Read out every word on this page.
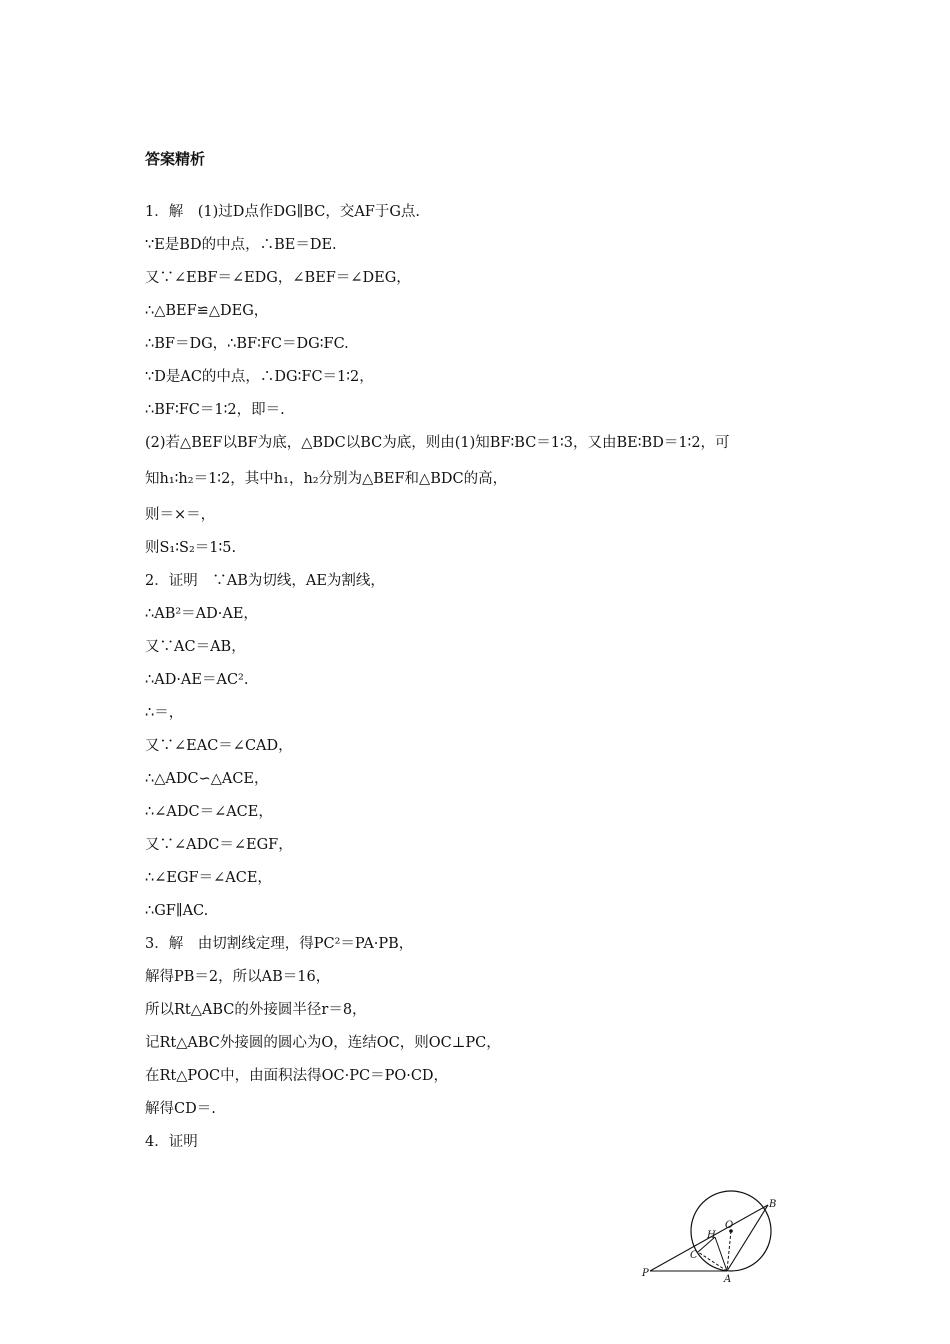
答案精析
1．解　(1)过D点作DG∥BC，交AF于G点.
∵E是BD的中点，∴BE＝DE.
又∵∠EBF＝∠EDG，∠BEF＝∠DEG，
∴△BEF≌△DEG，
∴BF＝DG，∴BF∶FC＝DG∶FC.
∵D是AC的中点，∴DG∶FC＝1∶2，
∴BF∶FC＝1∶2，即＝.
(2)若△BEF以BF为底，△BDC以BC为底，则由(1)知BF∶BC＝1∶3，又由BE∶BD＝1∶2，可
知h₁∶h₂＝1∶2，其中h₁，h₂分别为△BEF和△BDC的高，
则＝×＝，
则S₁∶S₂＝1∶5.
2．证明　∵AB为切线，AE为割线，
∴AB²＝AD·AE，
又∵AC＝AB，
∴AD·AE＝AC².
∴＝，
又∵∠EAC＝∠CAD，
∴△ADC∽△ACE，
∴∠ADC＝∠ACE，
又∵∠ADC＝∠EGF，
∴∠EGF＝∠ACE，
∴GF∥AC.
3．解　由切割线定理，得PC²＝PA·PB，
解得PB＝2，所以AB＝16，
所以Rt△ABC的外接圆半径r＝8，
记Rt△ABC外接圆的圆心为O，连结OC，则OC⊥PC，
在Rt△POC中，由面积法得OC·PC＝PO·CD，
解得CD＝.
4．证明
P
A
B
C
H
O
